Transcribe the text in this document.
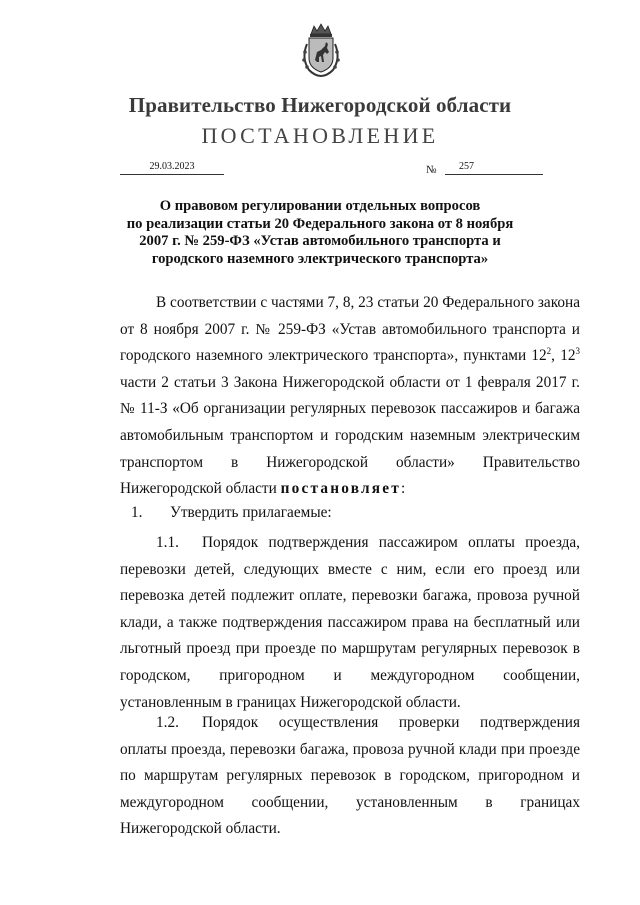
Правительство Нижегородской области
ПОСТАНОВЛЕНИЕ
29.03.2023	№	257
О правовом регулировании отдельных вопросов
по реализации статьи 20 Федерального закона от 8 ноября
2007 г. № 259-ФЗ «Устав автомобильного транспорта и
городского наземного электрического транспорта»

В соответствии с частями 7, 8, 23 статьи 20 Федерального закона от 8 ноября 2007 г. № 259-ФЗ «Устав автомобильного транспорта и городского наземного электрического транспорта», пунктами $12^2$, $12^3$ части 2 статьи 3 Закона Нижегородской области от 1 февраля 2017 г. № 11-З «Об организации регулярных перевозок пассажиров и багажа автомобильным транспортом и городским наземным электрическим транспортом в Нижегородской области» Правительство Нижегородской области постановляет:

1. Утвердить прилагаемые:

1.1. Порядок подтверждения пассажиром оплаты проезда, перевозки детей, следующих вместе с ним, если его проезд или перевозка детей подлежит оплате, перевозки багажа, провоза ручной клади, а также подтверждения пассажиром права на бесплатный или льготный проезд при проезде по маршрутам регулярных перевозок в городском, пригородном и междугородном сообщении, установленным в границах Нижегородской области.

1.2. Порядок осуществления проверки подтверждения оплаты проезда, перевозки багажа, провоза ручной клади при проезде по маршрутам регулярных перевозок в городском, пригородном и междугородном сообщении, установленным в границах Нижегородской области.
